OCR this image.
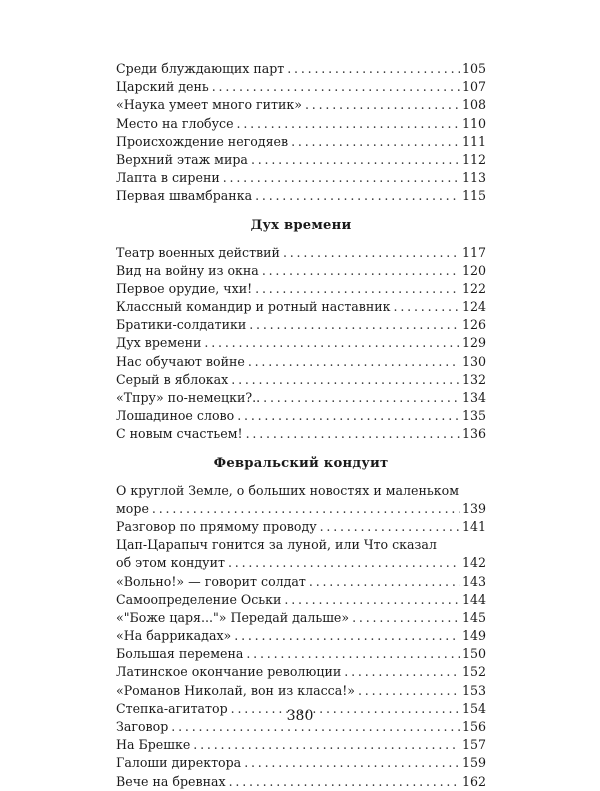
Среди блуждающих парт . . .	105
Царский день . . .	107
«Наука умеет много гитик» . . .	108
Место на глобусе . . .	110
Происхождение негодяев . . .	111
Верхний этаж мира . . .	112
Лапта в сирени . . .	113
Первая швамбранка . . .	115
Дух времени
Театр военных действий . . .	117
Вид на войну из окна . . .	120
Первое орудие, чхи! . . .	122
Классный командир и ротный наставник . . .	124
Братики-солдатики . . .	126
Дух времени . . .	129
Нас обучают войне . . .	130
Серый в яблоках . . .	132
«Тпру» по-немецки?.. . . .	134
Лошадиное слово . . .	135
С новым счастьем! . . .	136
Февральский кондуит
О круглой Земле, о больших новостях и маленьком
море . . .	139
Разговор по прямому проводу . . .	141
Цап-Царапыч гонится за луной, или Что сказал
об этом кондуит . . .	142
«Вольно!» — говорит солдат . . .	143
Самоопределение Оськи . . .	144
«"Боже царя..."» Передай дальше» . . .	145
«На баррикадах» . . .	149
Большая перемена . . .	150
Латинское окончание революции . . .	152
«Романов Николай, вон из класса!» . . .	153
Степка-агитатор . . .	154
Заговор . . .	156
На Брешке . . .	157
Галоши директора . . .	159
Вече на бревнах . . .	162
380
